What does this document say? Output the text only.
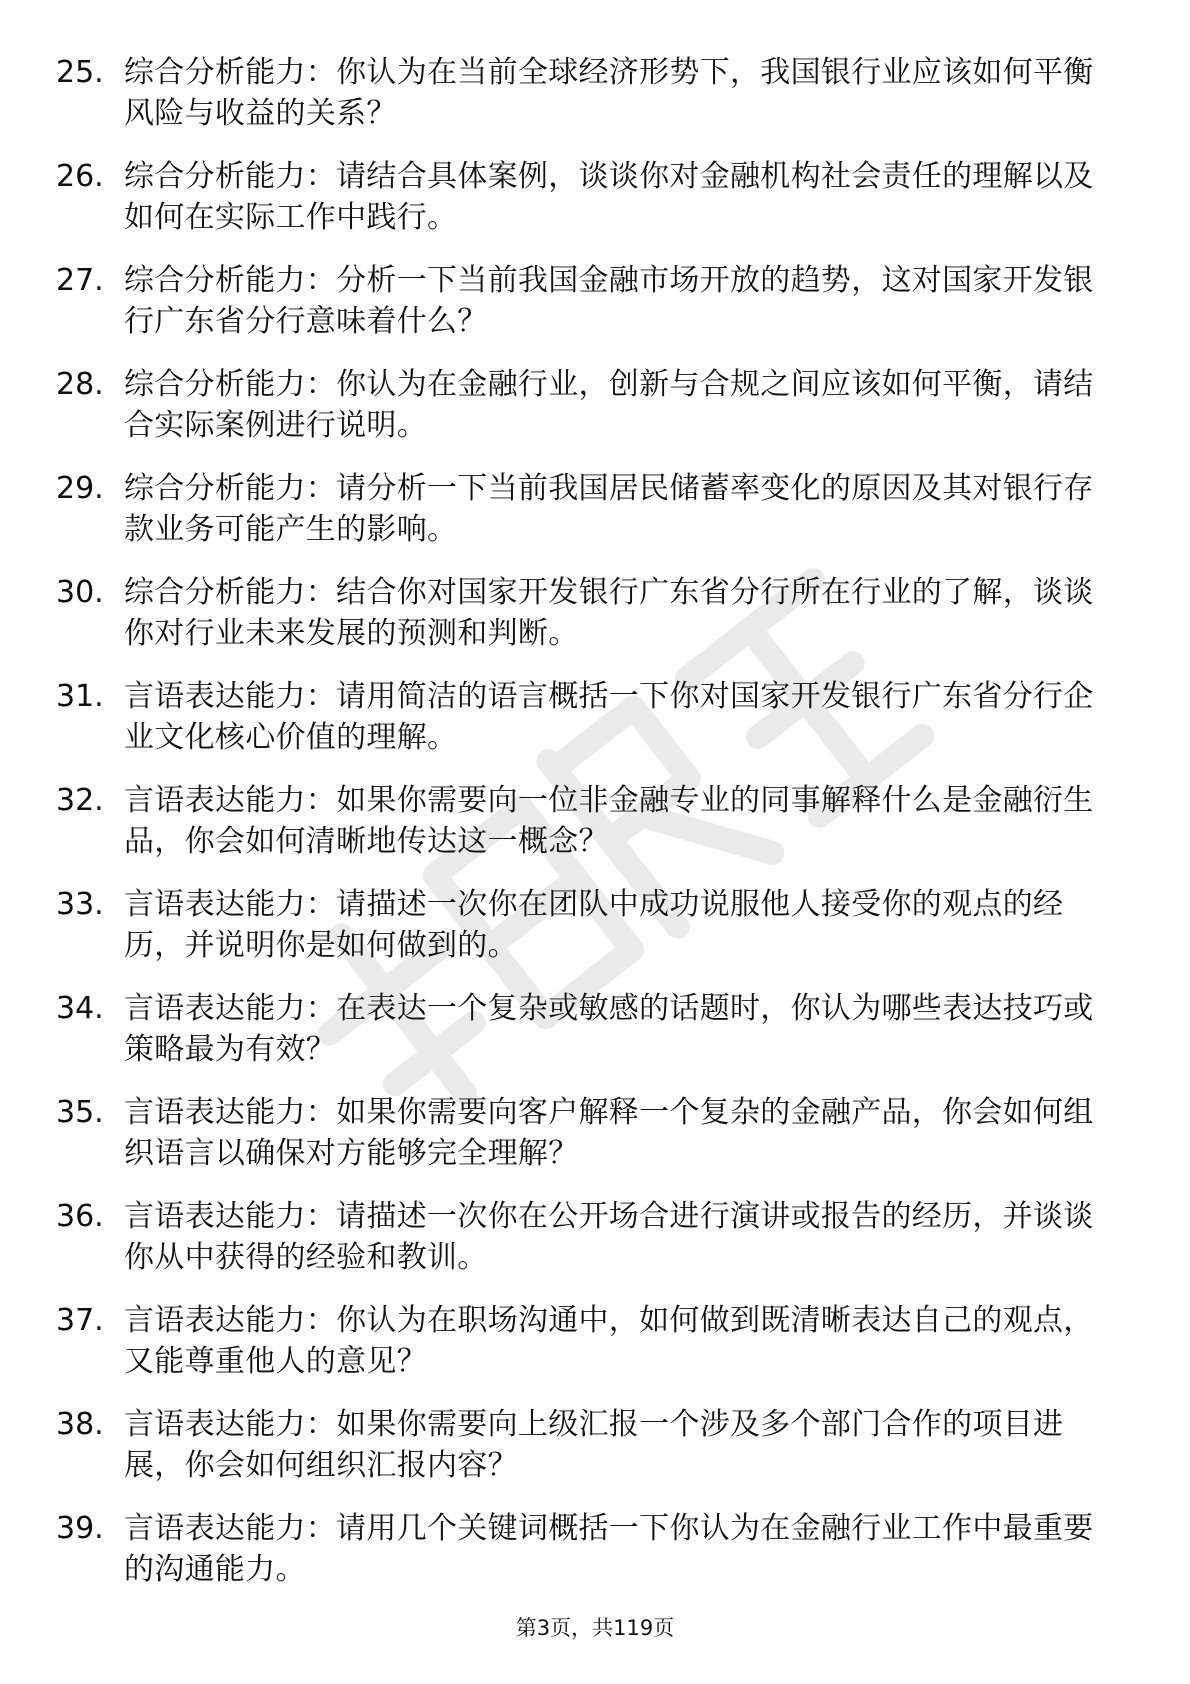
25. 综合分析能力：你认为在当前全球经济形势下，我国银行业应该如何平衡风险与收益的关系？
26. 综合分析能力：请结合具体案例，谈谈你对金融机构社会责任的理解以及如何在实际工作中践行。
27. 综合分析能力：分析一下当前我国金融市场开放的趋势，这对国家开发银行广东省分行意味着什么？
28. 综合分析能力：你认为在金融行业，创新与合规之间应该如何平衡，请结合实际案例进行说明。
29. 综合分析能力：请分析一下当前我国居民储蓄率变化的原因及其对银行存款业务可能产生的影响。
30. 综合分析能力：结合你对国家开发银行广东省分行所在行业的了解，谈谈你对行业未来发展的预测和判断。
31. 言语表达能力：请用简洁的语言概括一下你对国家开发银行广东省分行企业文化核心价值的理解。
32. 言语表达能力：如果你需要向一位非金融专业的同事解释什么是金融衍生品，你会如何清晰地传达这一概念？
33. 言语表达能力：请描述一次你在团队中成功说服他人接受你的观点的经历，并说明你是如何做到的。
34. 言语表达能力：在表达一个复杂或敏感的话题时，你认为哪些表达技巧或策略最为有效？
35. 言语表达能力：如果你需要向客户解释一个复杂的金融产品，你会如何组织语言以确保对方能够完全理解？
36. 言语表达能力：请描述一次你在公开场合进行演讲或报告的经历，并谈谈你从中获得的经验和教训。
37. 言语表达能力：你认为在职场沟通中，如何做到既清晰表达自己的观点，又能尊重他人的意见？
38. 言语表达能力：如果你需要向上级汇报一个涉及多个部门合作的项目进展，你会如何组织汇报内容？
39. 言语表达能力：请用几个关键词概括一下你认为在金融行业工作中最重要的沟通能力。
第3页，共119页
